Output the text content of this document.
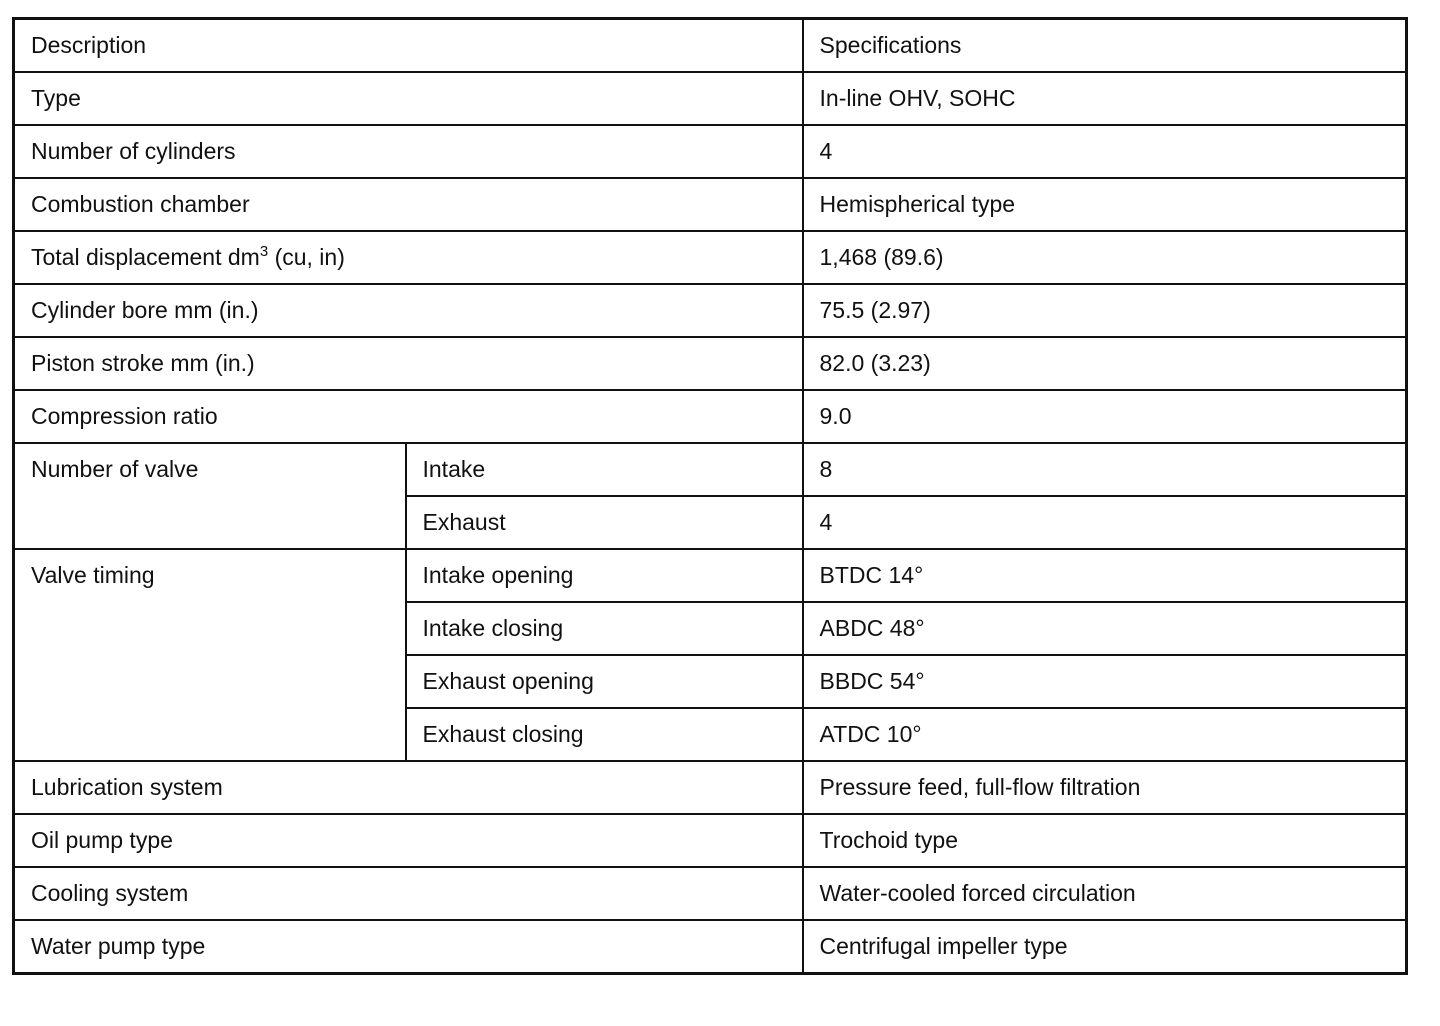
Description		Specifications
Type		In-line OHV, SOHC
Number of cylinders		4
Combustion chamber		Hemispherical type
Total displacement $dm^3$ (cu, in)		1,468 (89.6)
Cylinder bore mm (in.)		75.5 (2.97)
Piston stroke mm (in.)		82.0 (3.23)
Compression ratio		9.0
Number of valve	Intake	8
	Exhaust	4
Valve timing	Intake opening	BTDC 14°
	Intake closing	ABDC 48°
	Exhaust opening	BBDC 54°
	Exhaust closing	ATDC 10°
Lubrication system		Pressure feed, full-flow filtration
Oil pump type		Trochoid type
Cooling system		Water-cooled forced circulation
Water pump type		Centrifugal impeller type
